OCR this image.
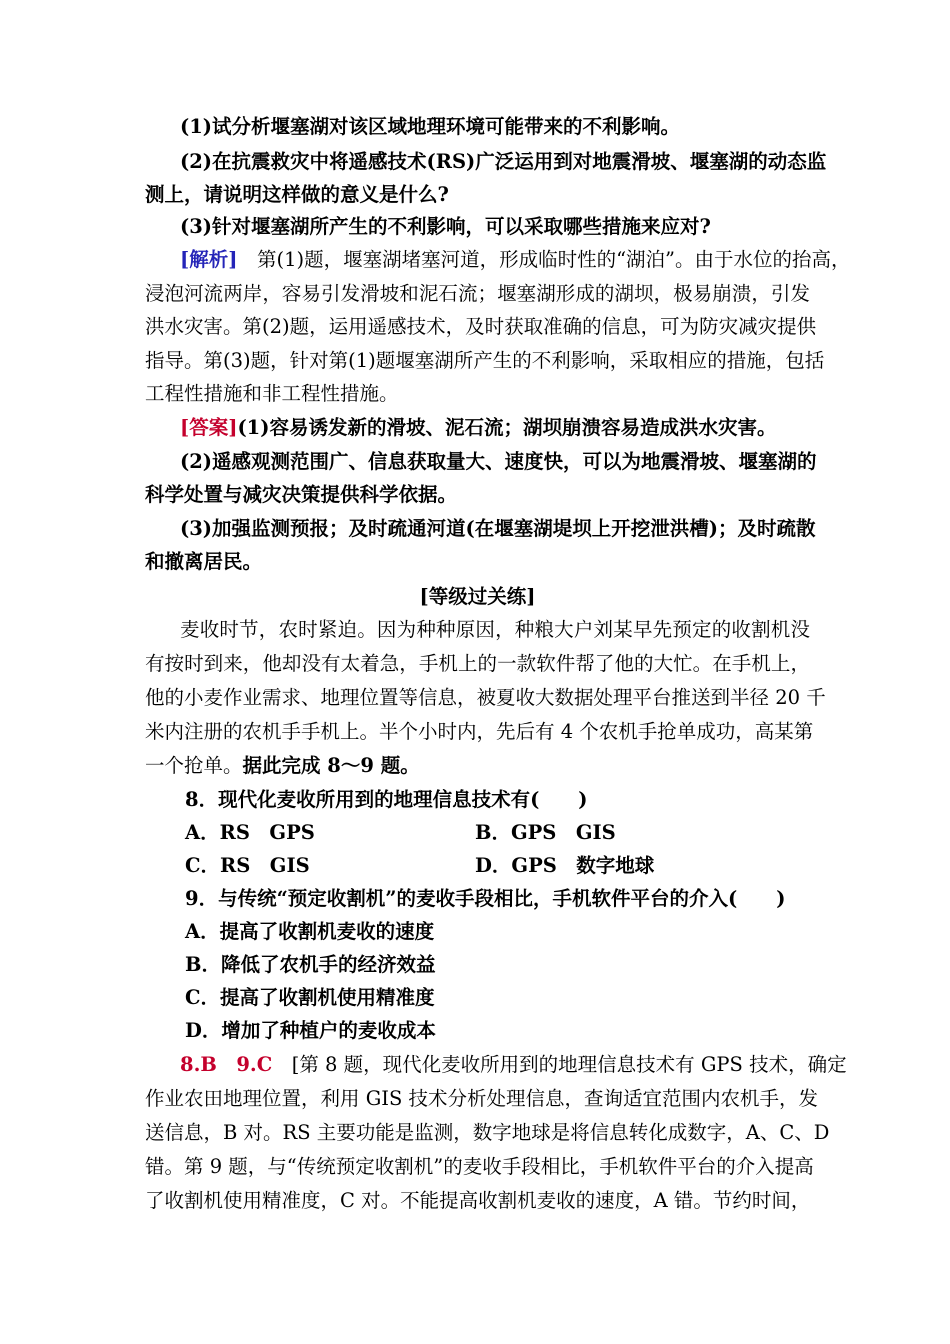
(1)试分析堰塞湖对该区域地理环境可能带来的不利影响。
(2)在抗震救灾中将遥感技术(RS)广泛运用到对地震滑坡、堰塞湖的动态监
测上，请说明这样做的意义是什么?
(3)针对堰塞湖所产生的不利影响，可以采取哪些措施来应对?
[解析]　 第(1)题，堰塞湖堵塞河道，形成临时性的“湖泊”。由于水位的抬高，
浸泡河流两岸，容易引发滑坡和泥石流；堰塞湖形成的湖坝，极易崩溃，引发
洪水灾害。第(2)题，运用遥感技术，及时获取准确的信息，可为防灾减灾提供
指导。第(3)题，针对第(1)题堰塞湖所产生的不利影响，采取相应的措施，包括
工程性措施和非工程性措施。
[答案](1)容易诱发新的滑坡、泥石流；湖坝崩溃容易造成洪水灾害。
(2)遥感观测范围广、信息获取量大、速度快，可以为地震滑坡、堰塞湖的
科学处置与减灾决策提供科学依据。
(3)加强监测预报；及时疏通河道(在堰塞湖堤坝上开挖泄洪槽)；及时疏散
和撤离居民。
[等级过关练]
麦收时节，农时紧迫。因为种种原因，种粮大户刘某早先预定的收割机没
有按时到来，他却没有太着急，手机上的一款软件帮了他的大忙。在手机上，
他的小麦作业需求、地理位置等信息，被夏收大数据处理平台推送到半径 20 千
米内注册的农机手手机上。半个小时内，先后有 4 个农机手抢单成功，高某第
一个抢单。据此完成 8～9 题。
8．现代化麦收所用到的地理信息技术有(　　)
A．RS　GPS	B．GPS　GIS
C．RS　GIS	D．GPS　数字地球
9．与传统“预定收割机”的麦收手段相比，手机软件平台的介入(　　)
A．提高了收割机麦收的速度
B．降低了农机手的经济效益
C．提高了收割机使用精准度
D．增加了种植户的麦收成本
8.B　9.C　 [第 8 题，现代化麦收所用到的地理信息技术有 GPS 技术，确定
作业农田地理位置，利用 GIS 技术分析处理信息，查询适宜范围内农机手，发
送信息，B 对。RS 主要功能是监测，数字地球是将信息转化成数字，A、C、D
错。第 9 题，与“传统预定收割机”的麦收手段相比，手机软件平台的介入提高
了收割机使用精准度，C 对。不能提高收割机麦收的速度，A 错。节约时间，
